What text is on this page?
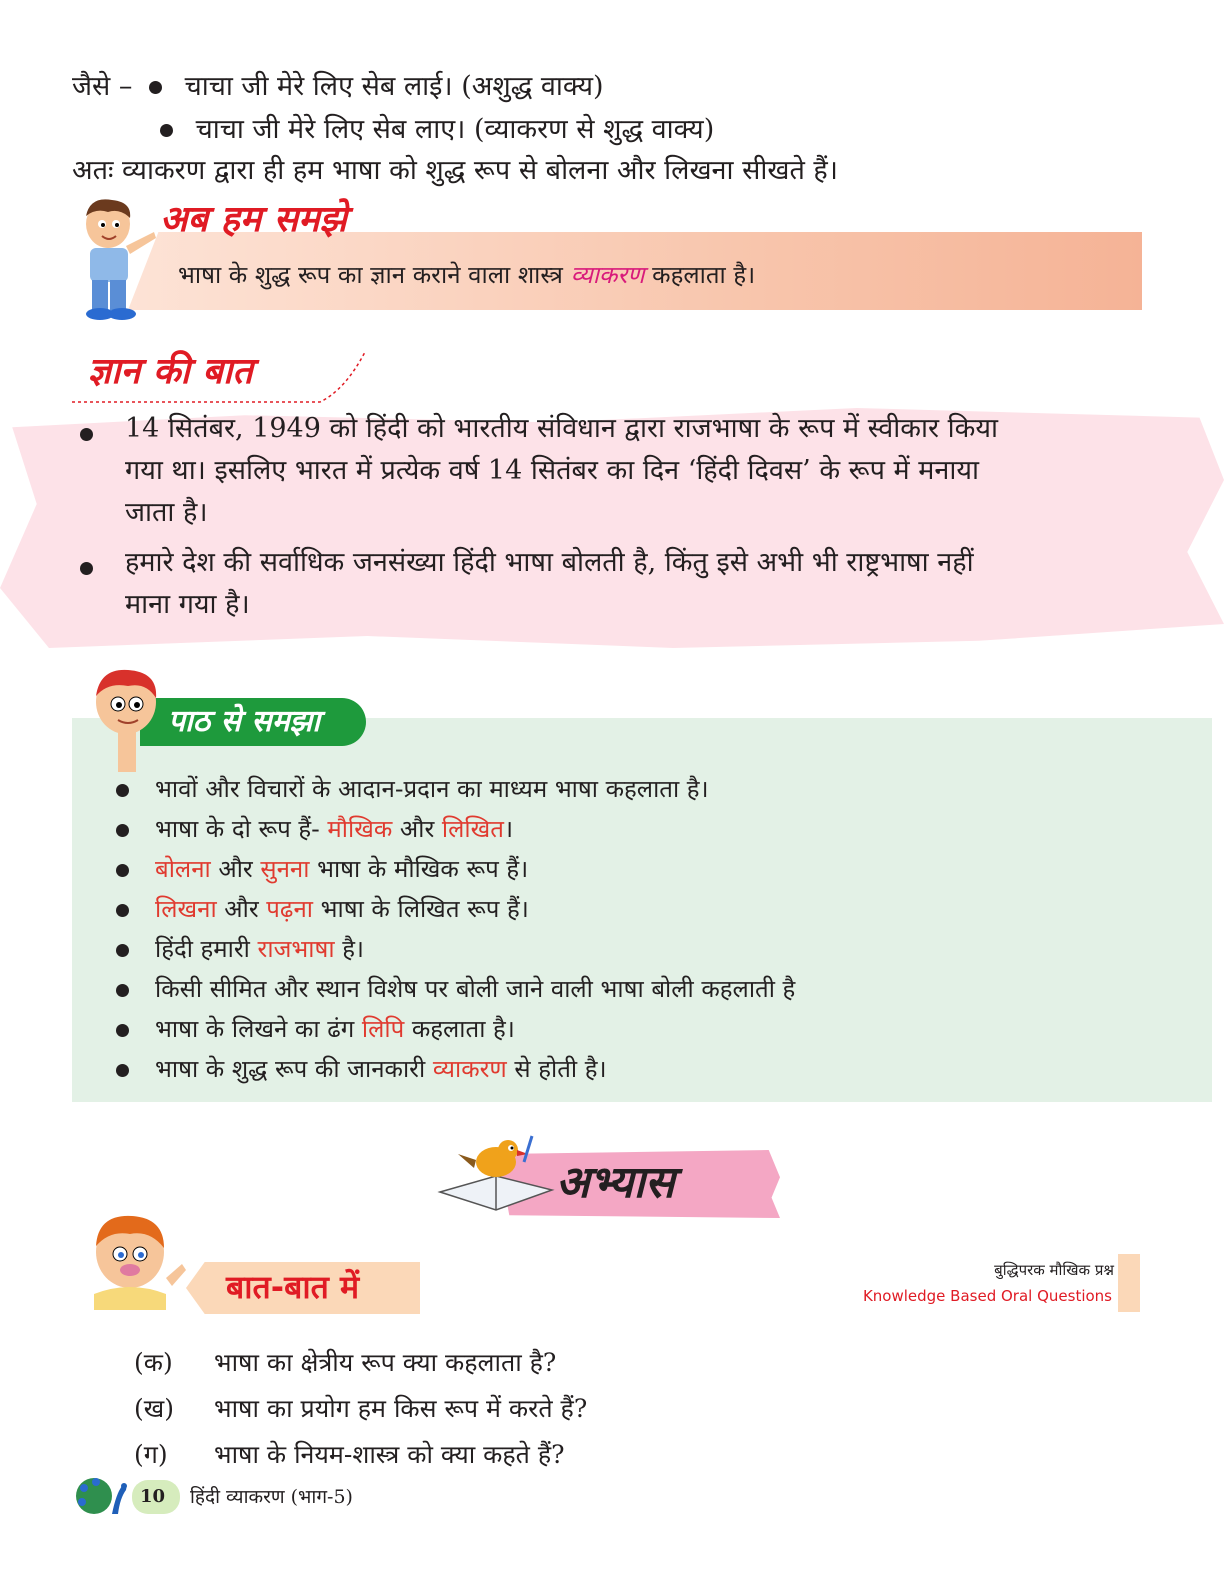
जैसे – चाचा जी मेरे लिए सेब लाई। (अशुद्ध वाक्य)
चाचा जी मेरे लिए सेब लाए। (व्याकरण से शुद्ध वाक्य)
अतः व्याकरण द्वारा ही हम भाषा को शुद्ध रूप से बोलना और लिखना सीखते हैं।
अब हम समझे
भाषा के शुद्ध रूप का ज्ञान कराने वाला शास्त्र व्याकरण कहलाता है।
ज्ञान की बात
14 सितंबर, 1949 को हिंदी को भारतीय संविधान द्वारा राजभाषा के रूप में स्वीकार किया
गया था। इसलिए भारत में प्रत्येक वर्ष 14 सितंबर का दिन ‘हिंदी दिवस’ के रूप में मनाया
जाता है।
हमारे देश की सर्वाधिक जनसंख्या हिंदी भाषा बोलती है, किंतु इसे अभी भी राष्ट्रभाषा नहीं
माना गया है।
पाठ से समझा
भावों और विचारों के आदान-प्रदान का माध्यम भाषा कहलाता है।
भाषा के दो रूप हैं- मौखिक और लिखित।
बोलना और सुनना भाषा के मौखिक रूप हैं।
लिखना और पढ़ना भाषा के लिखित रूप हैं।
हिंदी हमारी राजभाषा है।
किसी सीमित और स्थान विशेष पर बोली जाने वाली भाषा बोली कहलाती है
भाषा के लिखने का ढंग लिपि कहलाता है।
भाषा के शुद्ध रूप की जानकारी व्याकरण से होती है।
अभ्यास
बात-बात में	बुद्धिपरक मौखिक प्रश्न
Knowledge Based Oral Questions
(क) भाषा का क्षेत्रीय रूप क्या कहलाता है?
(ख) भाषा का प्रयोग हम किस रूप में करते हैं?
(ग) भाषा के नियम-शास्त्र को क्या कहते हैं?
10 हिंदी व्याकरण (भाग-5)
